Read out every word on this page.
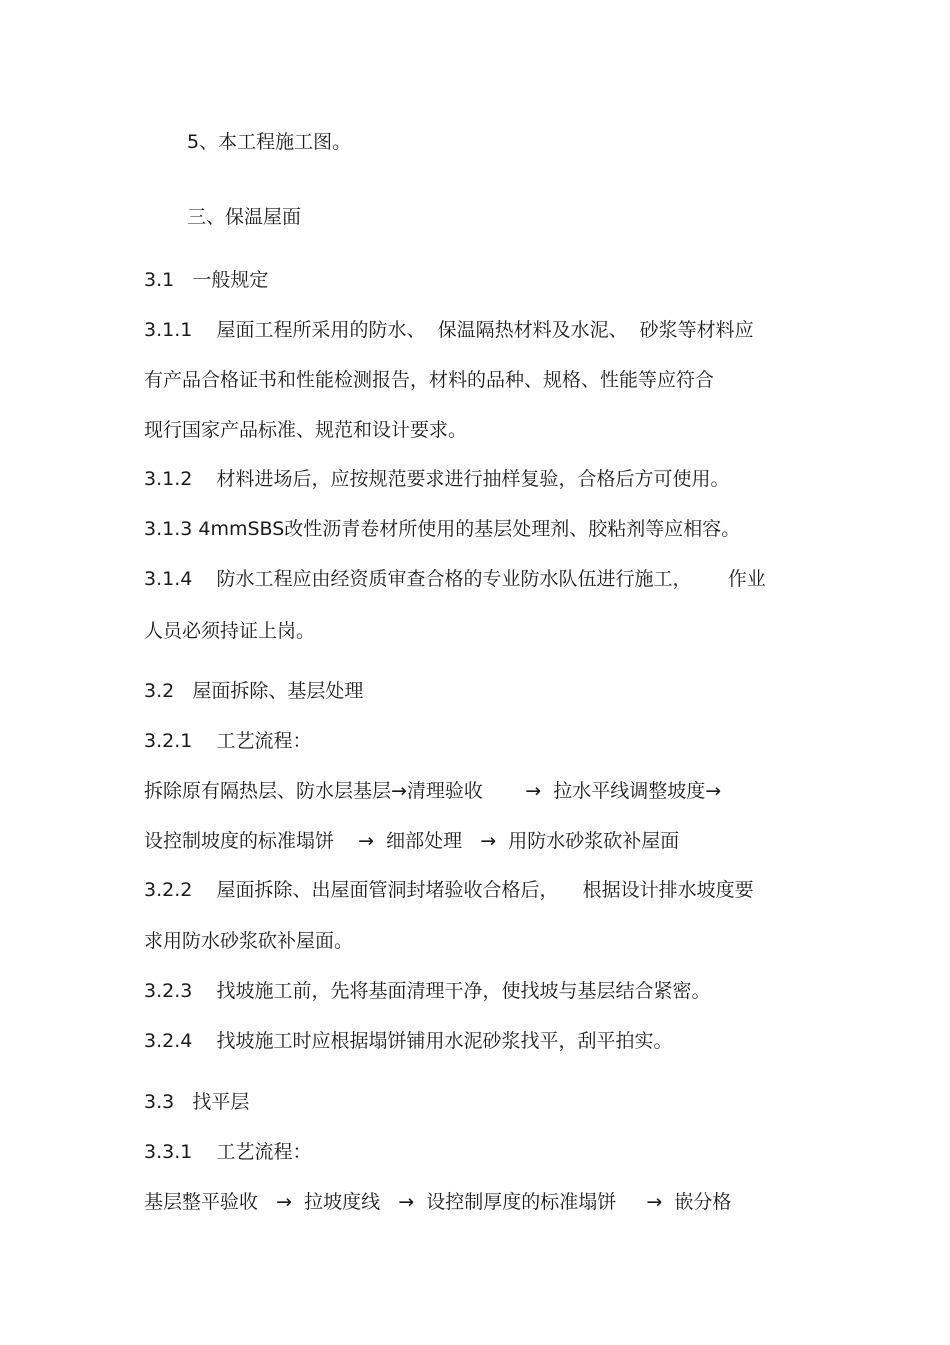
5、本工程施工图。

三、保温屋面

3.1   一般规定

3.1.1    屋面工程所采用的防水、  保温隔热材料及水泥、  砂浆等材料应

有产品合格证书和性能检测报告，材料的品种、规格、性能等应符合

现行国家产品标准、规范和设计要求。

3.1.2    材料进场后，应按规范要求进行抽样复验，合格后方可使用。

3.1.3 4mmSBS改性沥青卷材所使用的基层处理剂、胶粘剂等应相容。

3.1.4    防水工程应由经资质审查合格的专业防水队伍进行施工，      作业

人员必须持证上岗。

3.2   屋面拆除、基层处理

3.2.1    工艺流程：

拆除原有隔热层、防水层基层→清理验收       →  拉水平线调整坡度→

设控制坡度的标准塌饼    →  细部处理   →  用防水砂浆砍补屋面

3.2.2    屋面拆除、出屋面管洞封堵验收合格后，    根据设计排水坡度要

求用防水砂浆砍补屋面。

3.2.3    找坡施工前，先将基面清理干净，使找坡与基层结合紧密。

3.2.4    找坡施工时应根据塌饼铺用水泥砂浆找平，刮平拍实。

3.3   找平层

3.3.1    工艺流程：

基层整平验收   →  拉坡度线   →  设控制厚度的标准塌饼     →  嵌分格
